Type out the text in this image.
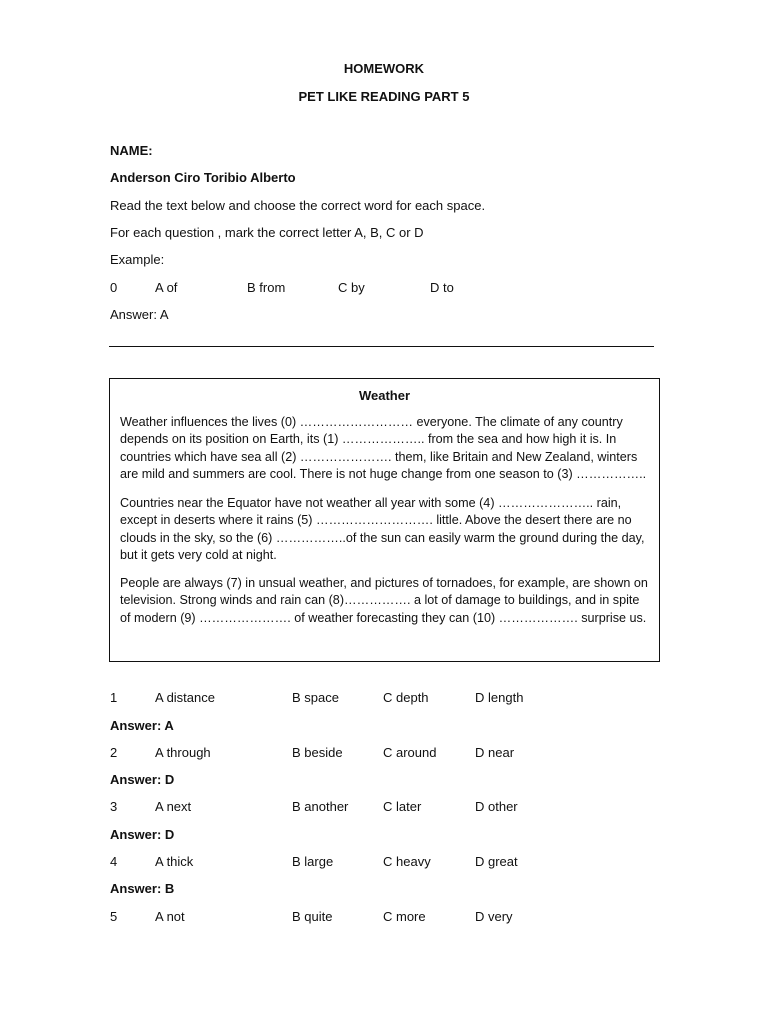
HOMEWORK
PET LIKE READING PART 5
NAME:
Anderson Ciro Toribio Alberto
Read the text below and choose the correct word for each space.
For each question , mark the correct letter A, B, C or D
Example:
0	A of	B from	C by	D to
Answer: A
Weather

Weather influences the lives (0) ……………………… everyone. The climate of any country depends on its position on Earth, its (1) ……………….. from the sea and how high it is. In countries which have sea all (2) …………………. them, like Britain and New Zealand, winters are mild and summers are cool. There is not huge change from one season to (3) ……………..

Countries near the Equator have not weather all year with some (4) ………………….. rain, except in deserts where it rains (5) ………………………. little. Above the desert there are no clouds in the sky, so the (6) ……………..of the sun can easily warm the ground during the day, but it gets very cold at night.

People are always (7) in unsual weather, and pictures of tornadoes, for example, are shown on television. Strong winds and rain can (8)……………. a lot of damage to buildings, and in spite of modern (9) …………………. of weather forecasting they can (10) ………………. surprise us.

1	A distance	B space	C depth	D length
Answer: A
2	A through	B beside	C around	D near
Answer: D
3	A next	B another	C later	D other
Answer: D
4	A thick	B large	C heavy	D great
Answer: B
5	A not	B quite	C more	D very
